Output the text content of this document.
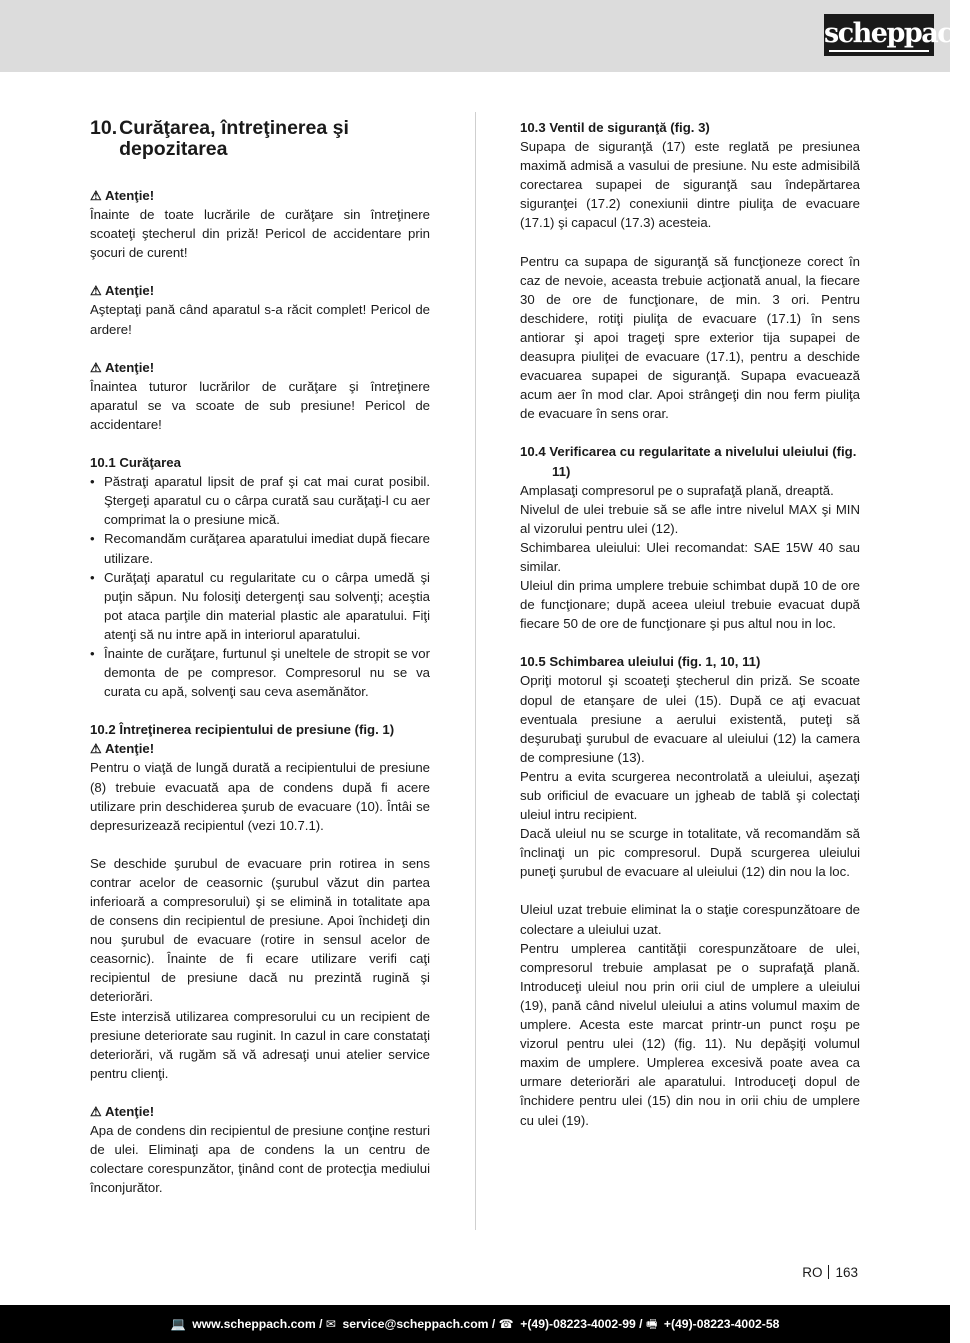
scheppach
10. Curăţarea, întreţinerea şi depozitarea
⚠ Atenţie!

Înainte de toate lucrările de curăţare sin întreţinere scoateţi ştecherul din priză! Pericol de accidentare prin şocuri de curent!

⚠ Atenţie!

Aşteptaţi pană când aparatul s-a răcit complet! Pericol de ardere!

⚠ Atenţie!

Înaintea tuturor lucrărilor de curăţare şi întreţinere aparatul se va scoate de sub presiune! Pericol de accidentare!

10.1 Curăţarea
• Păstraţi aparatul lipsit de praf şi cat mai curat posibil. Ştergeţi aparatul cu o cârpa curată sau curăţaţi-l cu aer comprimat la o presiune mică.
• Recomandăm curăţarea aparatului imediat după fiecare utilizare.
• Curăţaţi aparatul cu regularitate cu o cârpa umedă şi puţin săpun. Nu folosiţi detergenţi sau solvenţi; aceştia pot ataca parţile din material plastic ale aparatului. Fiţi atenţi să nu intre apă in interiorul aparatului.
• Înainte de curăţare, furtunul şi uneltele de stropit se vor demonta de pe compresor. Compresorul nu se va curata cu apă, solvenţi sau ceva asemănător.
10.2 Întreţinerea recipientului de presiune (fig. 1)
⚠ Atenţie!

Pentru o viaţă de lungă durată a recipientului de presiune (8) trebuie evacuată apa de condens după fi acere utilizare prin deschiderea şurub de evacuare (10). Întâi se depresurizează recipientul (vezi 10.7.1).

Se deschide şurubul de evacuare prin rotirea in sens contrar acelor de ceasornic (şurubul văzut din partea inferioară a compresorului) şi se elimină in totalitate apa de consens din recipientul de presiune. Apoi închideţi din nou şurubul de evacuare (rotire in sensul acelor de ceasornic). Înainte de fi ecare utilizare verifi caţi recipientul de presiune dacă nu prezintă rugină şi deteriorări.

Este interzisă utilizarea compresorului cu un recipient de presiune deteriorate sau ruginit. In cazul in care constataţi deteriorări, vă rugăm să vă adresaţi unui atelier service pentru clienţi.

⚠ Atenţie!

Apa de condens din recipientul de presiune conţine resturi de ulei. Eliminaţi apa de condens la un centru de colectare corespunzător, ţinând cont de protecţia mediului înconjurător.

10.3 Ventil de siguranţă (fig. 3)

Supapa de siguranţă (17) este reglată pe presiunea maximă admisă a vasului de presiune. Nu este admisibilă corectarea supapei de siguranţă sau îndepărtarea siguranţei (17.2) conexiunii dintre piuliţa de evacuare (17.1) şi capacul (17.3) acesteia.

Pentru ca supapa de siguranţă să funcţioneze corect în caz de nevoie, aceasta trebuie acţionată anual, la fiecare 30 de ore de funcţionare, de min. 3 ori. Pentru deschidere, rotiţi piuliţa de evacuare (17.1) în sens antiorar şi apoi trageţi spre exterior tija supapei de deasupra piuliţei de evacuare (17.1), pentru a deschide evacuarea supapei de siguranţă. Supapa evacuează acum aer în mod clar. Apoi strângeţi din nou ferm piuliţa de evacuare în sens orar.

10.4 Verificarea cu regularitate a nivelului uleiului (fig. 11)

Amplasaţi compresorul pe o suprafaţă plană, dreaptă.

Nivelul de ulei trebuie să se afle intre nivelul MAX şi MIN al vizorului pentru ulei (12).

Schimbarea uleiului: Ulei recomandat: SAE 15W 40 sau similar.

Uleiul din prima umplere trebuie schimbat după 10 de ore de funcţionare; după aceea uleiul trebuie evacuat după fiecare 50 de ore de funcţionare şi pus altul nou in loc.

10.5 Schimbarea uleiului (fig. 1, 10, 11)

Opriţi motorul şi scoateţi ştecherul din priză. Se scoate dopul de etanşare de ulei (15). După ce aţi evacuat eventuala presiune a aerului existentă, puteţi să deşurubaţi şurubul de evacuare al uleiului (12) la camera de compresiune (13).

Pentru a evita scurgerea necontrolată a uleiului, aşezaţi sub orificiul de evacuare un jgheab de tablă şi colectaţi uleiul intru recipient.

Dacă uleiul nu se scurge in totalitate, vă recomandăm să înclinaţi un pic compresorul. După scurgerea uleiului puneţi şurubul de evacuare al uleiului (12) din nou la loc.

Uleiul uzat trebuie eliminat la o staţie corespunzătoare de colectare a uleiului uzat.

Pentru umplerea cantităţii corespunzătoare de ulei, compresorul trebuie amplasat pe o suprafaţă plană. Introduceţi uleiul nou prin orii ciul de umplere a uleiului (19), pană când nivelul uleiului a atins volumul maxim de umplere. Acesta este marcat printr-un punct roşu pe vizorul pentru ulei (12) (fig. 11). Nu depăşiţi volumul maxim de umplere. Umplerea excesivă poate avea ca urmare deteriorări ale aparatului. Introduceţi dopul de închidere pentru ulei (15) din nou in orii chiu de umplere cu ulei (19).

RO 163
💻 www.scheppach.com / ✉ service@scheppach.com / ☎ +(49)-08223-4002-99 / 🖷 +(49)-08223-4002-58
